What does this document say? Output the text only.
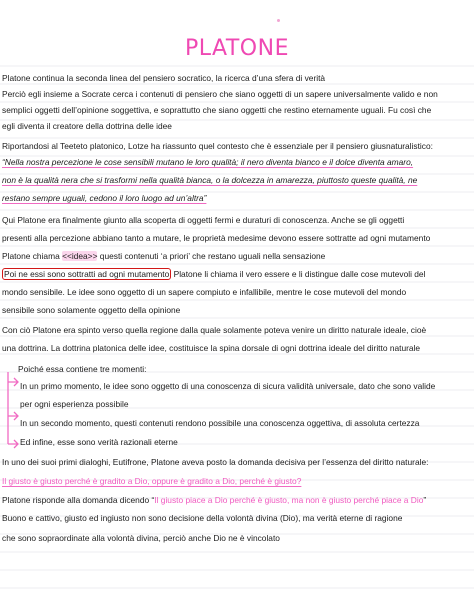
PLATONE
Platone continua la seconda linea del pensiero socratico, la ricerca d’una sfera di verità
Perciò egli insieme a Socrate cerca i contenuti di pensiero che siano oggetti di un sapere universalmente valido e non
semplici oggetti dell’opinione soggettiva, e soprattutto che siano oggetti che restino eternamente uguali. Fu così che
egli diventa il creatore della dottrina delle idee
Riportandosi al Teeteto platonico, Lotze ha riassunto quel contesto che è essenziale per il pensiero giusnaturalistico:
“Nella nostra percezione le cose sensibili mutano le loro qualità; il nero diventa bianco e il dolce diventa amaro,
non è la qualità nera che si trasformi nella qualità bianca, o la dolcezza in amarezza, piuttosto queste qualità, ne
restano sempre uguali, cedono il loro luogo ad un’altra”
Qui Platone era finalmente giunto alla scoperta di oggetti fermi e duraturi di conoscenza. Anche se gli oggetti
presenti alla percezione abbiano tanto a mutare, le proprietà medesime devono essere sottratte ad ogni mutamento
Platone chiama <<idea>> questi contenuti ‘a priori’ che restano uguali nella sensazione
Poi ne essi sono sottratti ad ogni mutamento Platone li chiama il vero essere e li distingue dalle cose mutevoli del
mondo sensibile. Le idee sono oggetto di un sapere compiuto e infallibile, mentre le cose mutevoli del mondo
sensibile sono solamente oggetto della opinione
Con ciò Platone era spinto verso quella regione dalla quale solamente poteva venire un diritto naturale ideale, cioè
una dottrina. La dottrina platonica delle idee, costituisce la spina dorsale di ogni dottrina ideale del diritto naturale
Poiché essa contiene tre momenti:
In un primo momento, le idee sono oggetto di una conoscenza di sicura validità universale, dato che sono valide
per ogni esperienza possibile
In un secondo momento, questi contenuti rendono possibile una conoscenza oggettiva, di assoluta certezza
Ed infine, esse sono verità razionali eterne
In uno dei suoi primi dialoghi, Eutifrone, Platone aveva posto la domanda decisiva per l’essenza del diritto naturale:
Il giusto è giusto perché è gradito a Dio, oppure è gradito a Dio, perché è giusto?
Platone risponde alla domanda dicendo “Il giusto piace a Dio perché è giusto, ma non è giusto perché piace a Dio”
Buono e cattivo, giusto ed ingiusto non sono decisione della volontà divina (Dio), ma verità eterne di ragione
che sono sopraordinate alla volontà divina, perciò anche Dio ne è vincolato
